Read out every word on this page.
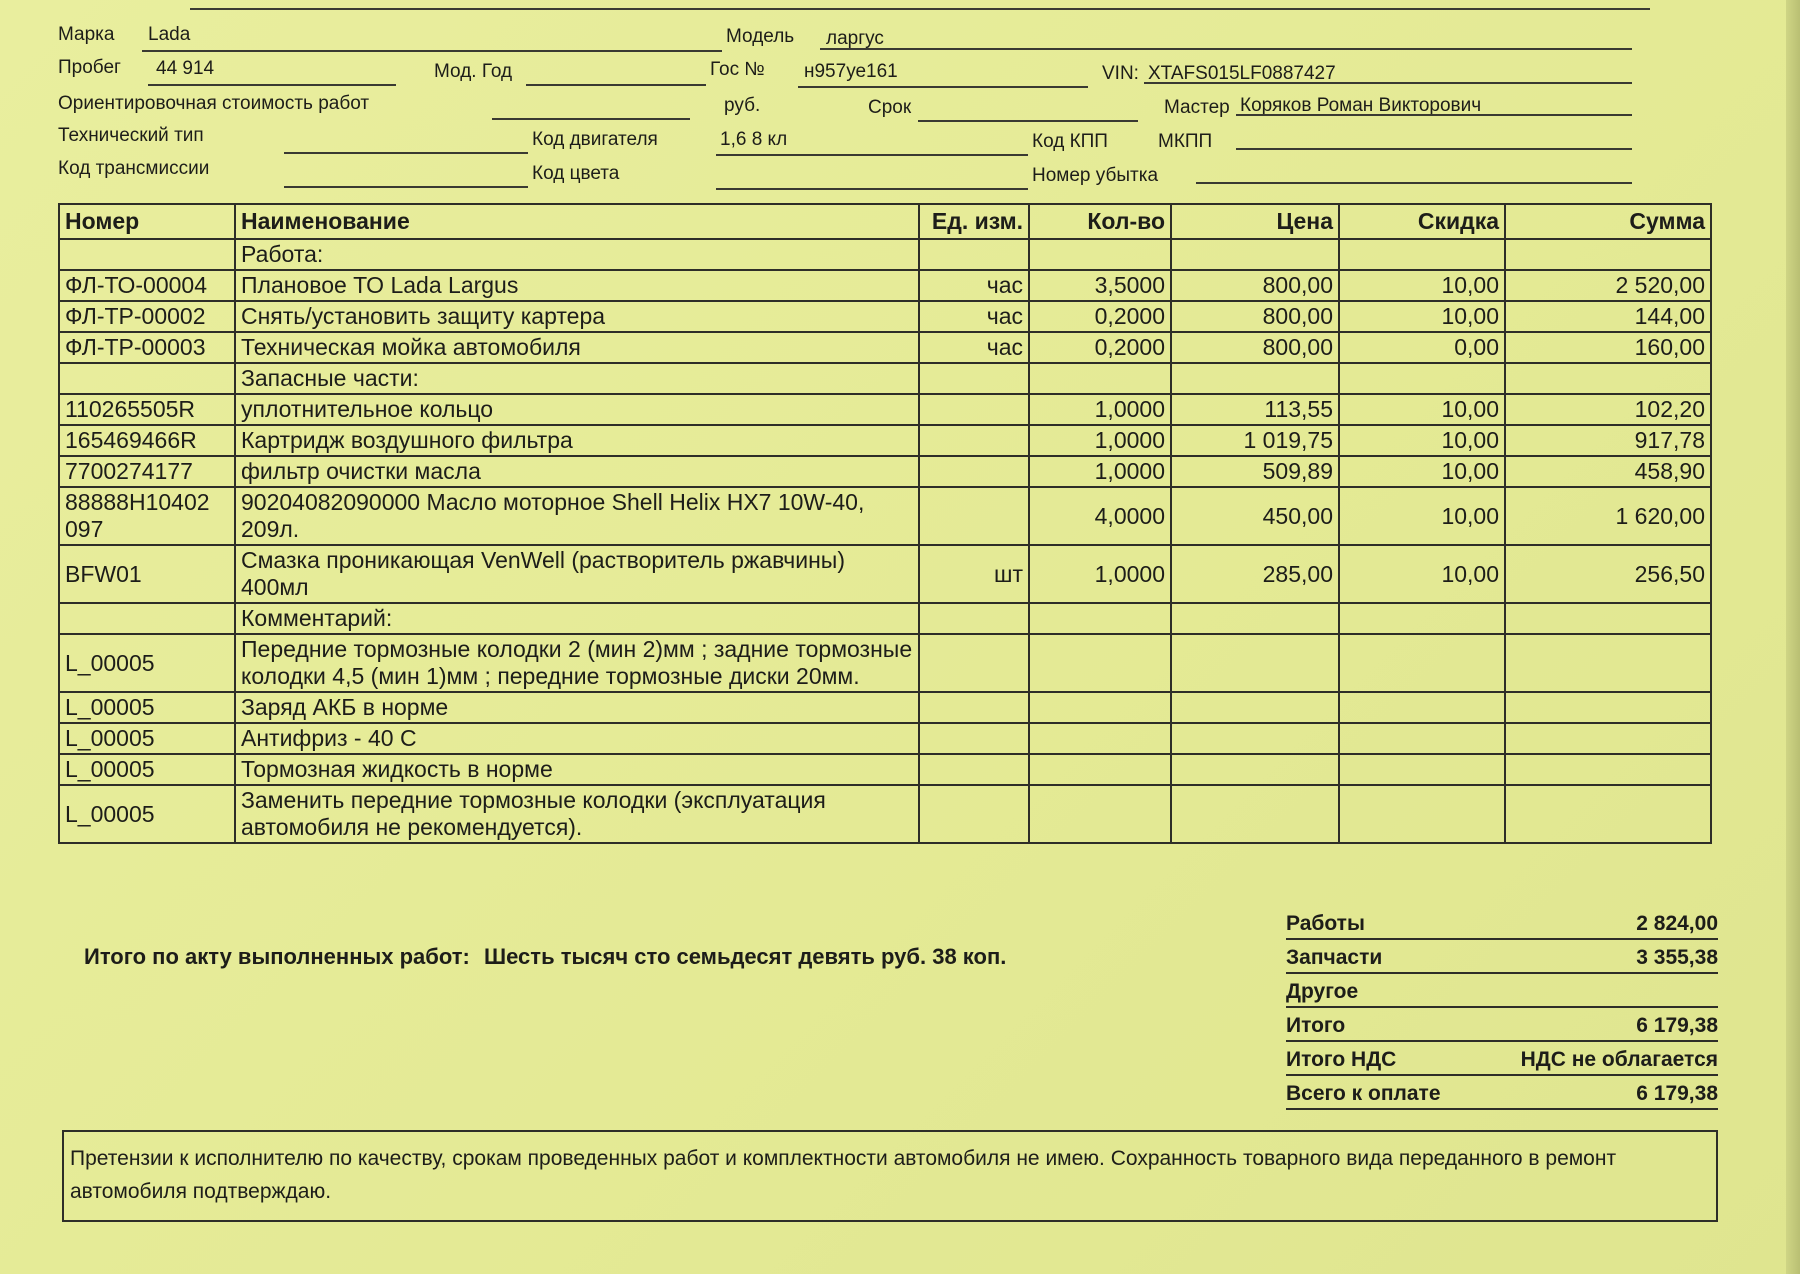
Марка Lada	Модель ларгус
Пробег 44 914	Мод. Год	Гос № н957уе161	VIN: XTAFS015LF0887427
Ориентировочная стоимость работ	руб.	Срок	Мастер Коряков Роман Викторович
Технический тип	Код двигателя	1,6 8 кл	Код КПП	МКПП
Код трансмиссии	Код цвета	Номер убытка
Номер	Наименование	Ед. изм.	Кол-во	Цена	Скидка	Сумма
	Работа:					
ФЛ-ТО-00004	Плановое ТО Lada Largus	час	3,5000	800,00	10,00	2 520,00
ФЛ-ТР-00002	Снять/установить защиту картера	час	0,2000	800,00	10,00	144,00
ФЛ-ТР-00003	Техническая мойка автомобиля	час	0,2000	800,00	0,00	160,00
	Запасные части:					
110265505R	уплотнительное кольцо		1,0000	113,55	10,00	102,20
165469466R	Картридж воздушного фильтра		1,0000	1 019,75	10,00	917,78
7700274177	фильтр очистки масла		1,0000	509,89	10,00	458,90
88888H10402 097	90204082090000 Масло моторное Shell Helix HX7 10W-40, 209л.		4,0000	450,00	10,00	1 620,00
BFW01	Смазка проникающая VenWell (растворитель ржавчины) 400мл	шт	1,0000	285,00	10,00	256,50
	Комментарий:					
L_00005	Передние тормозные колодки 2 (мин 2)мм ; задние тормозные колодки 4,5 (мин 1)мм ; передние тормозные диски 20мм.					
L_00005	Заряд АКБ в норме					
L_00005	Антифриз - 40 С					
L_00005	Тормозная жидкость в норме					
L_00005	Заменить передние тормозные колодки (эксплуатация автомобиля не рекомендуется).					
Работы	2 824,00
Запчасти	3 355,38
Другое
Итого	6 179,38
Итого НДС	НДС не облагается
Всего к оплате	6 179,38
Итого по акту выполненных работ: Шесть тысяч сто семьдесят девять руб. 38 коп.
Претензии к исполнителю по качеству, срокам проведенных работ и комплектности автомобиля не имею. Сохранность товарного вида переданного в ремонт автомобиля подтверждаю.
